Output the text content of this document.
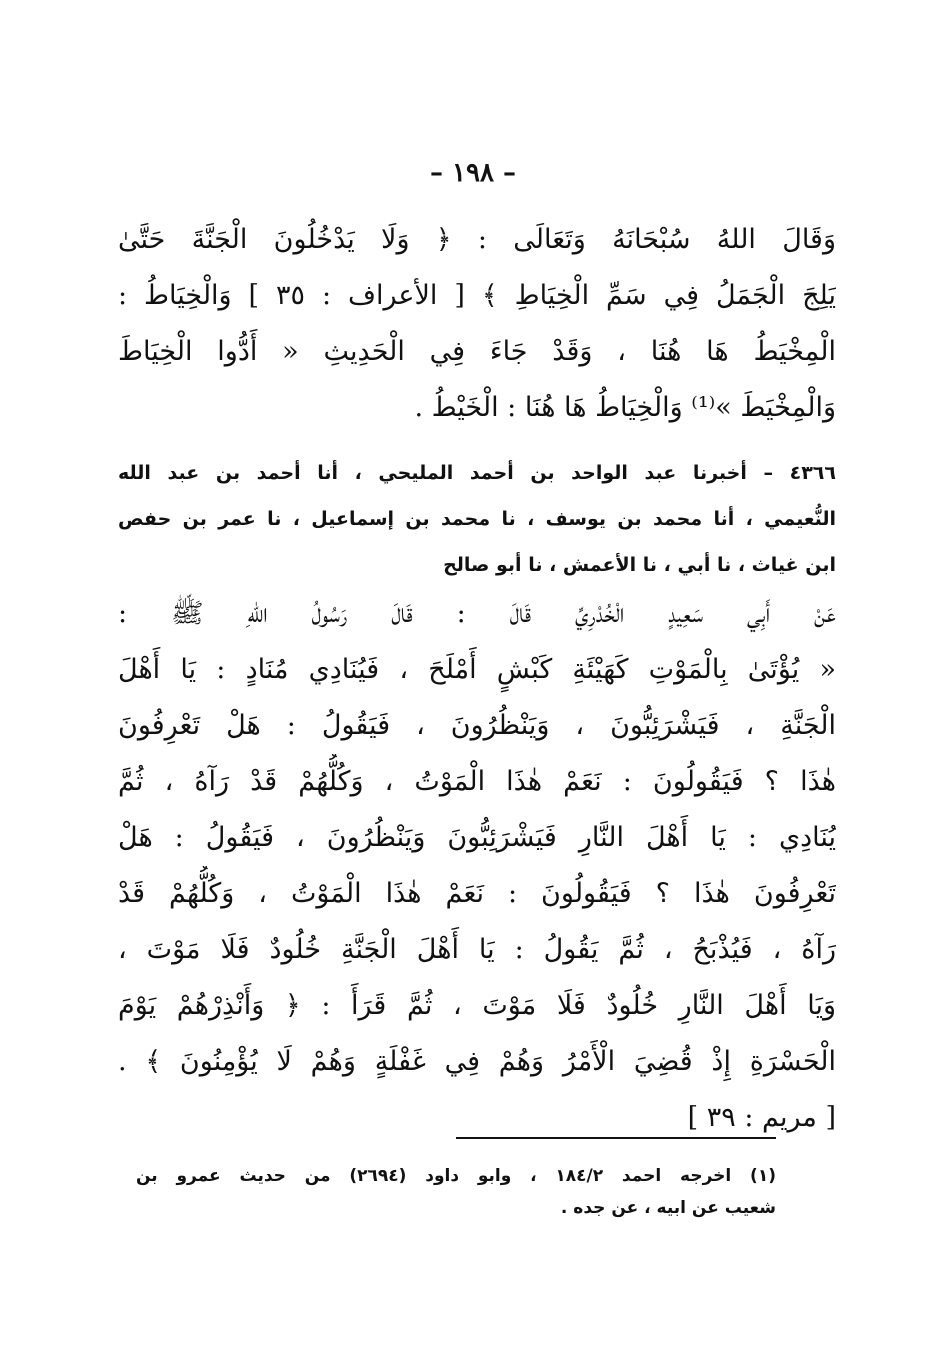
– ١٩٨ –
وَقَالَ اللهُ سُبْحَانَهُ وَتَعَالَى : ﴿ وَلَا يَدْخُلُونَ الْجَنَّةَ حَتَّىٰ
يَلِجَ الْجَمَلُ فِي سَمِّ الْخِيَاطِ ﴾ [ الأعراف : ٣٥ ] وَالْخِيَاطُ :
الْمِخْيَطُ هَا هُنَا ، وَقَدْ جَاءَ فِي الْحَدِيثِ « أَدُّوا الْخِيَاطَ
وَالْمِخْيَطَ »⁽¹⁾ وَالْخِيَاطُ هَا هُنَا : الْخَيْطُ .
٤٣٦٦ – أخبرنا عبد الواحد بن أحمد المليحي ، أنا أحمد بن عبد الله
النُّعيمي ، أنا محمد بن يوسف ، نا محمد بن إسماعيل ، نا عمر بن حفص
ابن غياث ، نا أبي ، نا الأعمش ، نا أبو صالح
عَنْ أَبِي سَعِيدٍ الْخُدْرِيِّ قَالَ : قَالَ رَسُولُ اللهِ ﷺ :
« يُؤْتَىٰ بِالْمَوْتِ كَهَيْئَةِ كَبْشٍ أَمْلَحَ ، فَيُنَادِي مُنَادٍ : يَا أَهْلَ
الْجَنَّةِ ، فَيَشْرَئِبُّونَ ، وَيَنْظُرُونَ ، فَيَقُولُ : هَلْ تَعْرِفُونَ
هٰذَا ؟ فَيَقُولُونَ : نَعَمْ هٰذَا الْمَوْتُ ، وَكُلُّهُمْ قَدْ رَآهُ ، ثُمَّ
يُنَادِي : يَا أَهْلَ النَّارِ فَيَشْرَئِبُّونَ وَيَنْظُرُونَ ، فَيَقُولُ : هَلْ
تَعْرِفُونَ هٰذَا ؟ فَيَقُولُونَ : نَعَمْ هٰذَا الْمَوْتُ ، وَكُلُّهُمْ قَدْ
رَآهُ ، فَيُذْبَحُ ، ثُمَّ يَقُولُ : يَا أَهْلَ الْجَنَّةِ خُلُودٌ فَلَا مَوْتَ ،
وَيَا أَهْلَ النَّارِ خُلُودٌ فَلَا مَوْتَ ، ثُمَّ قَرَأَ : ﴿ وَأَنْذِرْهُمْ يَوْمَ
الْحَسْرَةِ إِذْ قُضِيَ الْأَمْرُ وَهُمْ فِي غَفْلَةٍ وَهُمْ لَا يُؤْمِنُونَ ﴾ .
[ مريم : ٣٩ ]
(١) اخرجه احمد ١٨٤/٢ ، وابو داود (٢٦٩٤) من حديث عمرو بن
شعيب عن ابيه ، عن جده .
